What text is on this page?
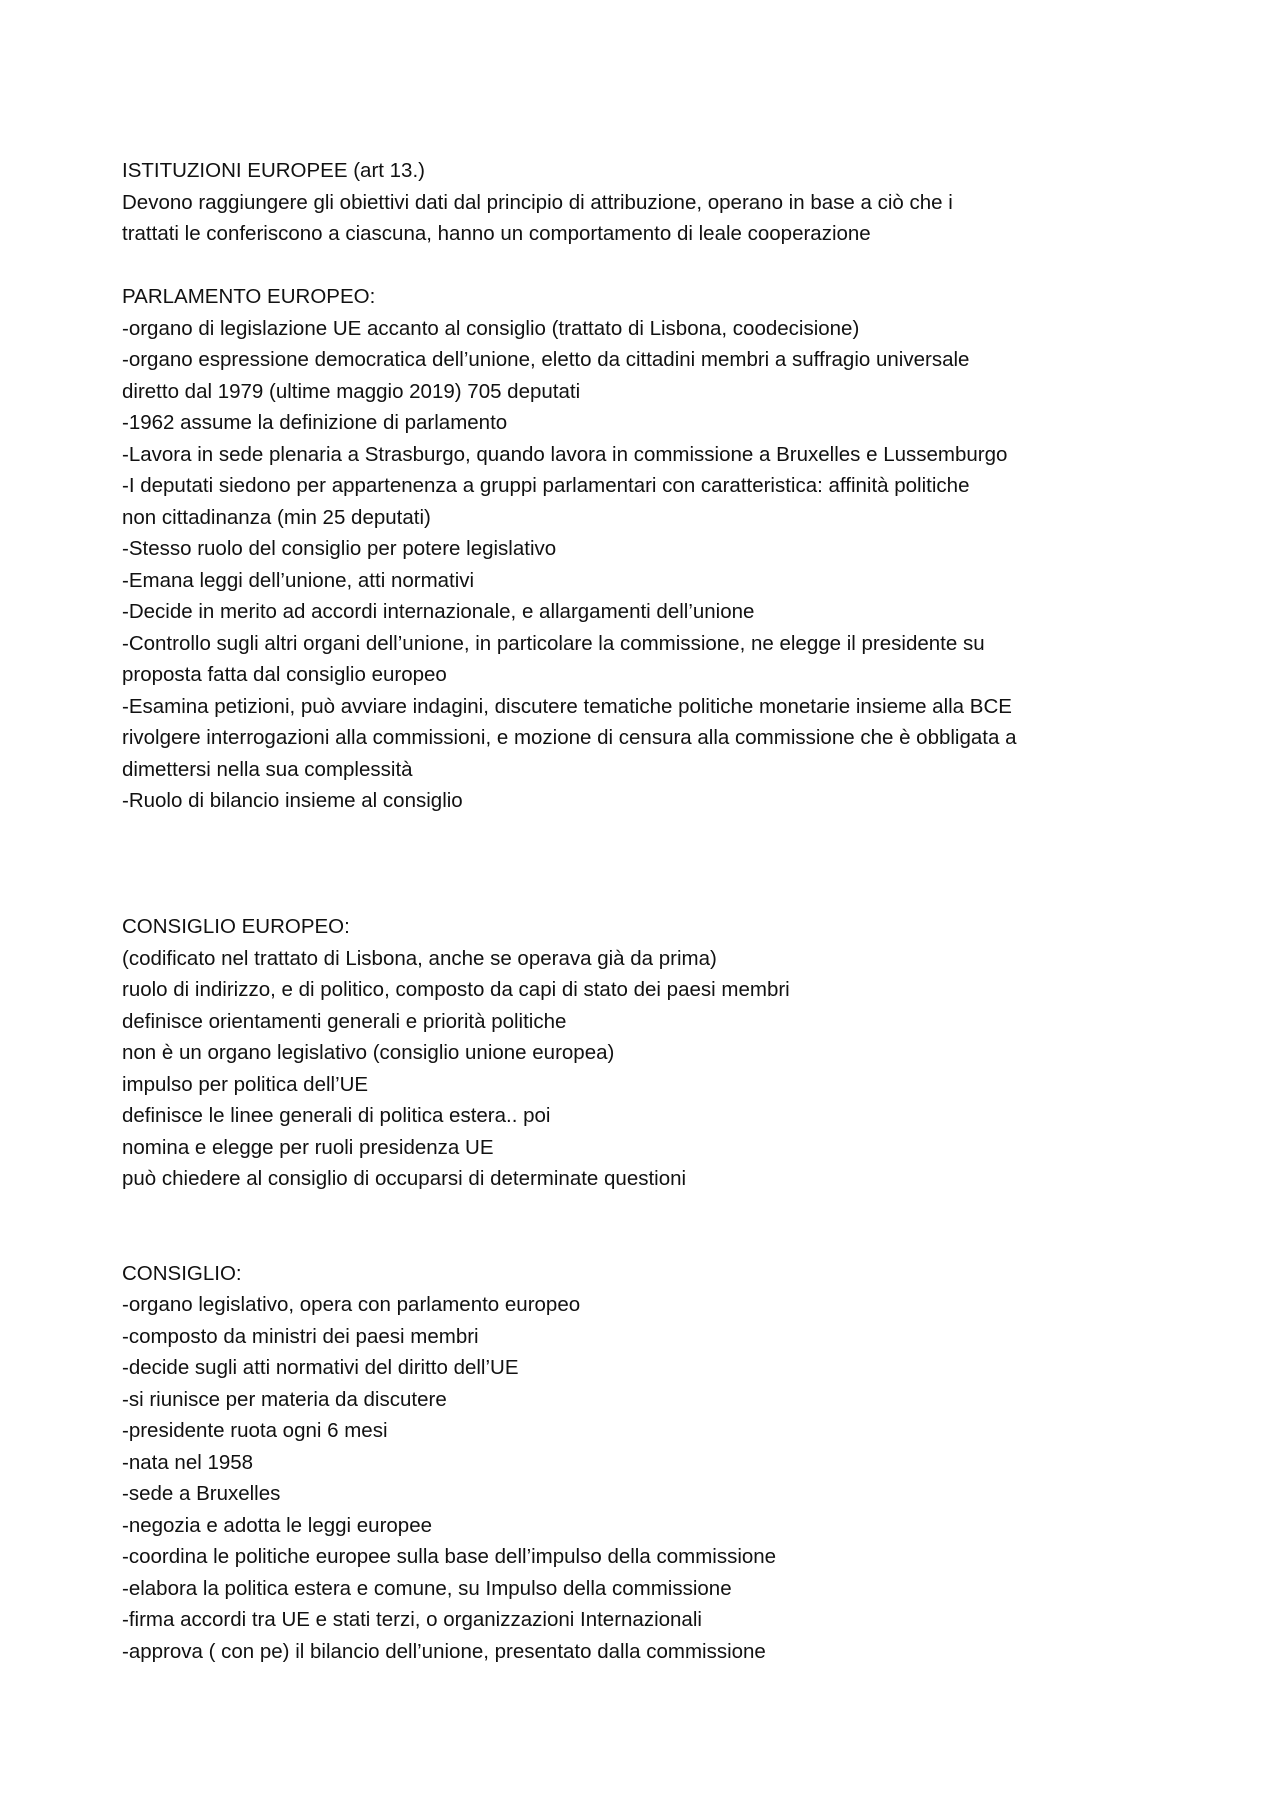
ISTITUZIONI EUROPEE (art 13.)
Devono raggiungere gli obiettivi dati dal principio di attribuzione, operano in base a ciò che i
trattati le conferiscono a ciascuna, hanno un comportamento di leale cooperazione
PARLAMENTO EUROPEO:
-organo di legislazione UE accanto al consiglio (trattato di Lisbona, coodecisione)
-organo espressione democratica dell’unione, eletto da cittadini membri a suffragio universale
diretto dal 1979 (ultime maggio 2019) 705 deputati
-1962 assume la definizione di parlamento
-Lavora in sede plenaria a Strasburgo, quando lavora in commissione a Bruxelles e Lussemburgo
-I deputati siedono per appartenenza a gruppi parlamentari con caratteristica: affinità politiche
non cittadinanza (min 25 deputati)
-Stesso ruolo del consiglio per potere legislativo
-Emana leggi dell’unione, atti normativi
-Decide in merito ad accordi internazionale, e allargamenti dell’unione
-Controllo sugli altri organi dell’unione, in particolare la commissione, ne elegge il presidente su
proposta fatta dal consiglio europeo
-Esamina petizioni, può avviare indagini, discutere tematiche politiche monetarie insieme alla BCE
rivolgere interrogazioni alla commissioni, e mozione di censura alla commissione che è obbligata a
dimettersi nella sua complessità
-Ruolo di bilancio insieme al consiglio
CONSIGLIO EUROPEO:
(codificato nel trattato di Lisbona, anche se operava già da prima)
ruolo di indirizzo, e di politico, composto da capi di stato dei paesi membri
definisce orientamenti generali e priorità politiche
non è un organo legislativo (consiglio unione europea)
impulso per politica dell’UE
definisce le linee generali di politica estera.. poi
nomina e elegge per ruoli presidenza UE
può chiedere al consiglio di occuparsi di determinate questioni
CONSIGLIO:
-organo legislativo, opera con parlamento europeo
-composto da ministri dei paesi membri
-decide sugli atti normativi del diritto dell’UE
-si riunisce per materia da discutere
-presidente ruota ogni 6 mesi
-nata nel 1958
-sede a Bruxelles
-negozia e adotta le leggi europee
-coordina le politiche europee sulla base dell’impulso della commissione
-elabora la politica estera e comune, su Impulso della commissione
-firma accordi tra UE e stati terzi, o organizzazioni Internazionali
-approva ( con pe) il bilancio dell’unione, presentato dalla commissione
